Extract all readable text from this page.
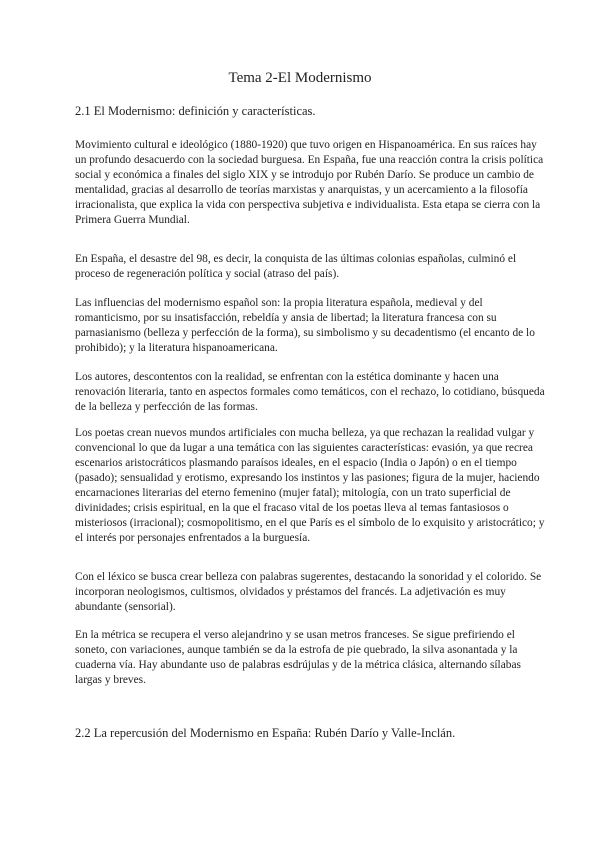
Tema 2-El Modernismo
2.1 El Modernismo: definición y características.

Movimiento cultural e ideológico (1880-1920) que tuvo origen en Hispanoamérica. En sus raíces hay un profundo desacuerdo con la sociedad burguesa. En España, fue una reacción contra la crisis política social y económica a finales del siglo XIX y se introdujo por Rubén Darío. Se produce un cambio de mentalidad, gracias al desarrollo de teorías marxistas y anarquistas, y un acercamiento a la filosofía irracionalista, que explica la vida con perspectiva subjetiva e individualista. Esta etapa se cierra con la Primera Guerra Mundial.

En España, el desastre del 98, es decir, la conquista de las últimas colonias españolas, culminó el proceso de regeneración política y social (atraso del país).

Las influencias del modernismo español son: la propia literatura española, medieval y del romanticismo, por su insatisfacción, rebeldía y ansia de libertad; la literatura francesa con su parnasianismo (belleza y perfección de la forma), su simbolismo y su decadentismo (el encanto de lo prohibido); y la literatura hispanoamericana.

Los autores, descontentos con la realidad, se enfrentan con la estética dominante y hacen una renovación literaria, tanto en aspectos formales como temáticos, con el rechazo, lo cotidiano, búsqueda de la belleza y perfección de las formas.

Los poetas crean nuevos mundos artificiales con mucha belleza, ya que rechazan la realidad vulgar y convencional lo que da lugar a una temática con las siguientes características: evasión, ya que recrea escenarios aristocráticos plasmando paraísos ideales, en el espacio (India o Japón) o en el tiempo (pasado); sensualidad y erotismo, expresando los instintos y las pasiones; figura de la mujer, haciendo encarnaciones literarias del eterno femenino (mujer fatal); mitología, con un trato superficial de divinidades; crisis espiritual, en la que el fracaso vital de los poetas lleva al temas fantasiosos o misteriosos (irracional); cosmopolitismo, en el que París es el símbolo de lo exquisito y aristocrático; y el interés por personajes enfrentados a la burguesía.

Con el léxico se busca crear belleza con palabras sugerentes, destacando la sonoridad y el colorido. Se incorporan neologismos, cultismos, olvidados y préstamos del francés. La adjetivación es muy abundante (sensorial).

En la métrica se recupera el verso alejandrino y se usan metros franceses. Se sigue prefiriendo el soneto, con variaciones, aunque también se da la estrofa de pie quebrado, la silva asonantada y la cuaderna vía. Hay abundante uso de palabras esdrújulas y de la métrica clásica, alternando sílabas largas y breves.

2.2 La repercusión del Modernismo en España: Rubén Darío y Valle-Inclán.
